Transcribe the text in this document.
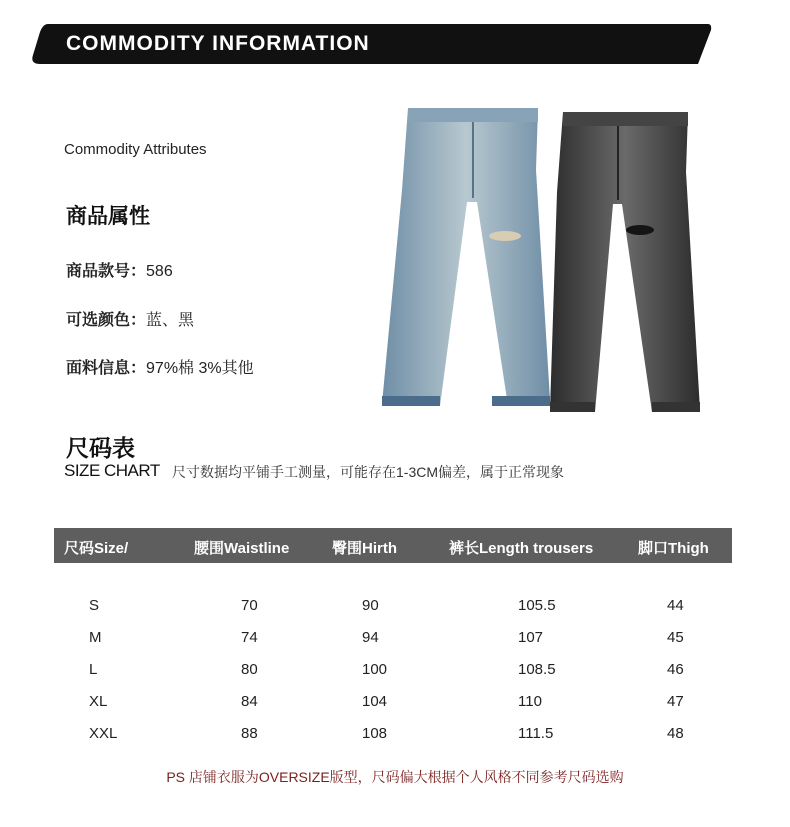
COMMODITY INFORMATION
Commodity Attributes
商品属性
商品款号：586
可选颜色：蓝、黑
面料信息：97%棉 3%其他
尺码表
SIZE CHART 尺寸数据均平铺手工测量，可能存在1-3CM偏差，属于正常现象
尺码Size/	腰围Waistline	臀围Hirth	裤长Length trousers	脚口Thigh
S	70	90	105.5	44
M	74	94	107	45
L	80	100	108.5	46
XL	84	104	110	47
XXL	88	108	111.5	48
PS 店铺衣服为OVERSIZE版型，尺码偏大根据个人风格不同参考尺码选购
